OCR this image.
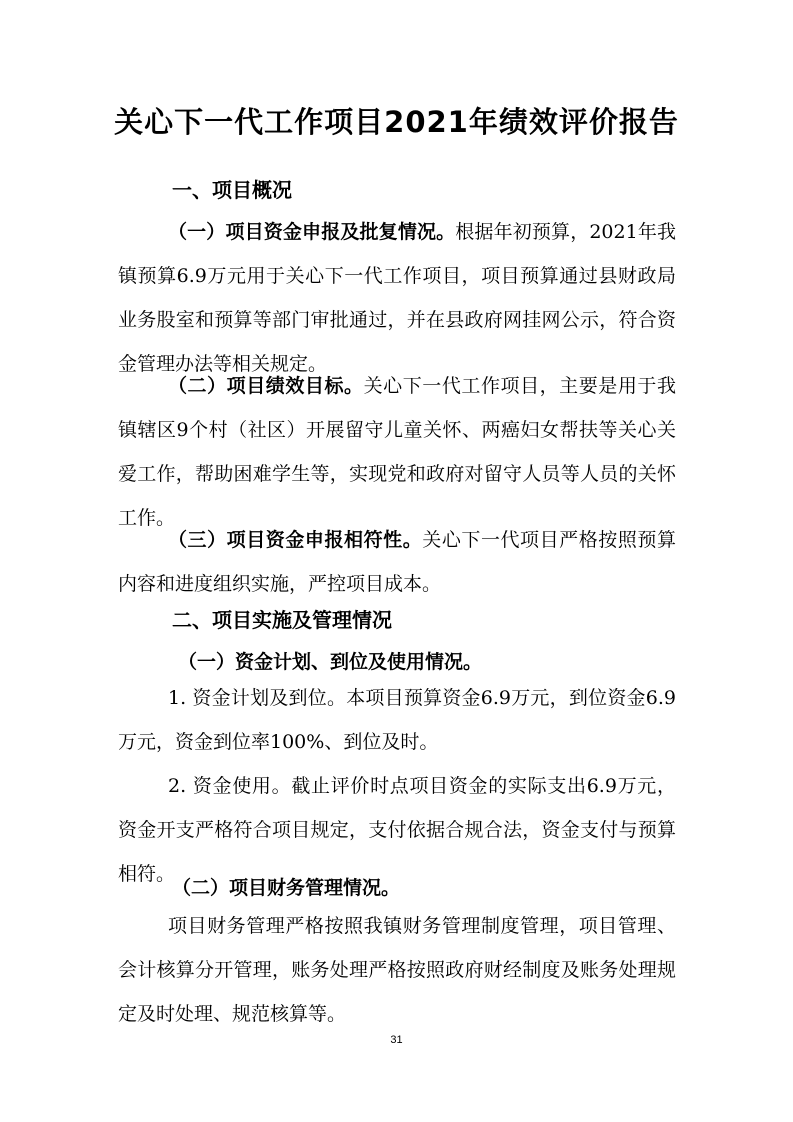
关心下一代工作项目2021年绩效评价报告
一、项目概况

（一）项目资金申报及批复情况。根据年初预算，2021年我镇预算6.9万元用于关心下一代工作项目，项目预算通过县财政局业务股室和预算等部门审批通过，并在县政府网挂网公示，符合资金管理办法等相关规定。

（二）项目绩效目标。关心下一代工作项目，主要是用于我镇辖区9个村（社区）开展留守儿童关怀、两癌妇女帮扶等关心关爱工作，帮助困难学生等，实现党和政府对留守人员等人员的关怀工作。

（三）项目资金申报相符性。关心下一代项目严格按照预算内容和进度组织实施，严控项目成本。

二、项目实施及管理情况
（一）资金计划、到位及使用情况。

1. 资金计划及到位。本项目预算资金6.9万元，到位资金6.9万元，资金到位率100%、到位及时。

2. 资金使用。截止评价时点项目资金的实际支出6.9万元，资金开支严格符合项目规定，支付依据合规合法，资金支付与预算相符。

（二）项目财务管理情况。

项目财务管理严格按照我镇财务管理制度管理，项目管理、会计核算分开管理，账务处理严格按照政府财经制度及账务处理规定及时处理、规范核算等。

31
